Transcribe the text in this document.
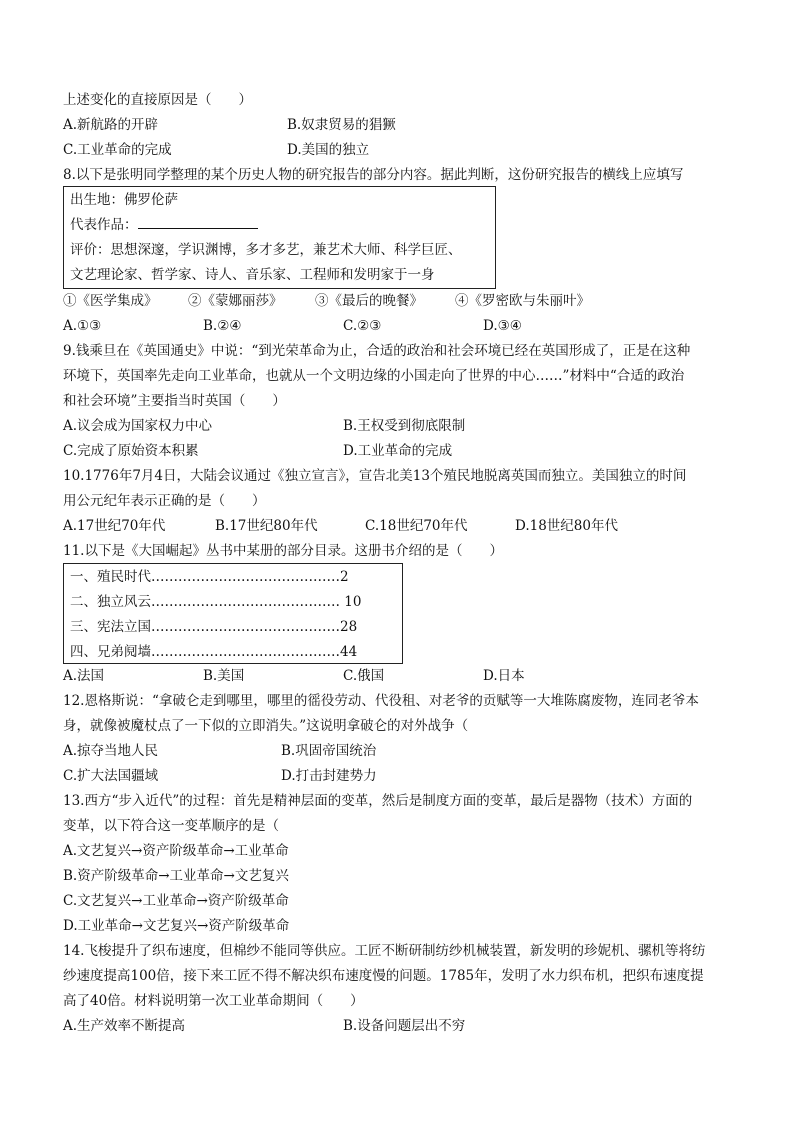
上述变化的直接原因是（　　）
A.新航路的开辟	B.奴隶贸易的猖獗
C.工业革命的完成	D.美国的独立
8.以下是张明同学整理的某个历史人物的研究报告的部分内容。据此判断，这份研究报告的横线上应填写
出生地：佛罗伦萨
代表作品：
评价：思想深邃，学识渊博，多才多艺，兼艺术大师、科学巨匠、
文艺理论家、哲学家、诗人、音乐家、工程师和发明家于一身
①《医学集成》 ②《蒙娜丽莎》 ③《最后的晚餐》 ④《罗密欧与朱丽叶》
A.①③	B.②④	C.②③	D.③④
9.钱乘旦在《英国通史》中说：“到光荣革命为止，合适的政治和社会环境已经在英国形成了，正是在这种
环境下，英国率先走向工业革命，也就从一个文明边缘的小国走向了世界的中心……”材料中“合适的政治
和社会环境”主要指当时英国（　　）
A.议会成为国家权力中心	B.王权受到彻底限制
C.完成了原始资本积累	D.工业革命的完成
10.1776年7月4日，大陆会议通过《独立宣言》，宣告北美13个殖民地脱离英国而独立。美国独立的时间
用公元纪年表示正确的是（　　）
A.17世纪70年代	B.17世纪80年代	C.18世纪70年代	D.18世纪80年代
11.以下是《大国崛起》丛书中某册的部分目录。这册书介绍的是（　　）
一、殖民时代……………………………………2
二、独立风云…………………………………… 10
三、宪法立国……………………………………28
四、兄弟阋墙……………………………………44
A.法国	B.美国	C.俄国	D.日本
12.恩格斯说：“拿破仑走到哪里，哪里的徭役劳动、代役租、对老爷的贡赋等一大堆陈腐废物，连同老爷本
身，就像被魔杖点了一下似的立即消失。”这说明拿破仑的对外战争（
A.掠夺当地人民	B.巩固帝国统治
C.扩大法国疆域	D.打击封建势力
13.西方“步入近代”的过程：首先是精神层面的变革，然后是制度方面的变革，最后是器物（技术）方面的
变革，以下符合这一变革顺序的是（
A.文艺复兴→资产阶级革命→工业革命
B.资产阶级革命→工业革命→文艺复兴
C.文艺复兴→工业革命→资产阶级革命
D.工业革命→文艺复兴→资产阶级革命
14.飞梭提升了织布速度，但棉纱不能同等供应。工匠不断研制纺纱机械装置，新发明的珍妮机、骡机等将纺
纱速度提高100倍，接下来工匠不得不解决织布速度慢的问题。1785年，发明了水力织布机，把织布速度提
高了40倍。材料说明第一次工业革命期间（　　）
A.生产效率不断提高	B.设备问题层出不穷
